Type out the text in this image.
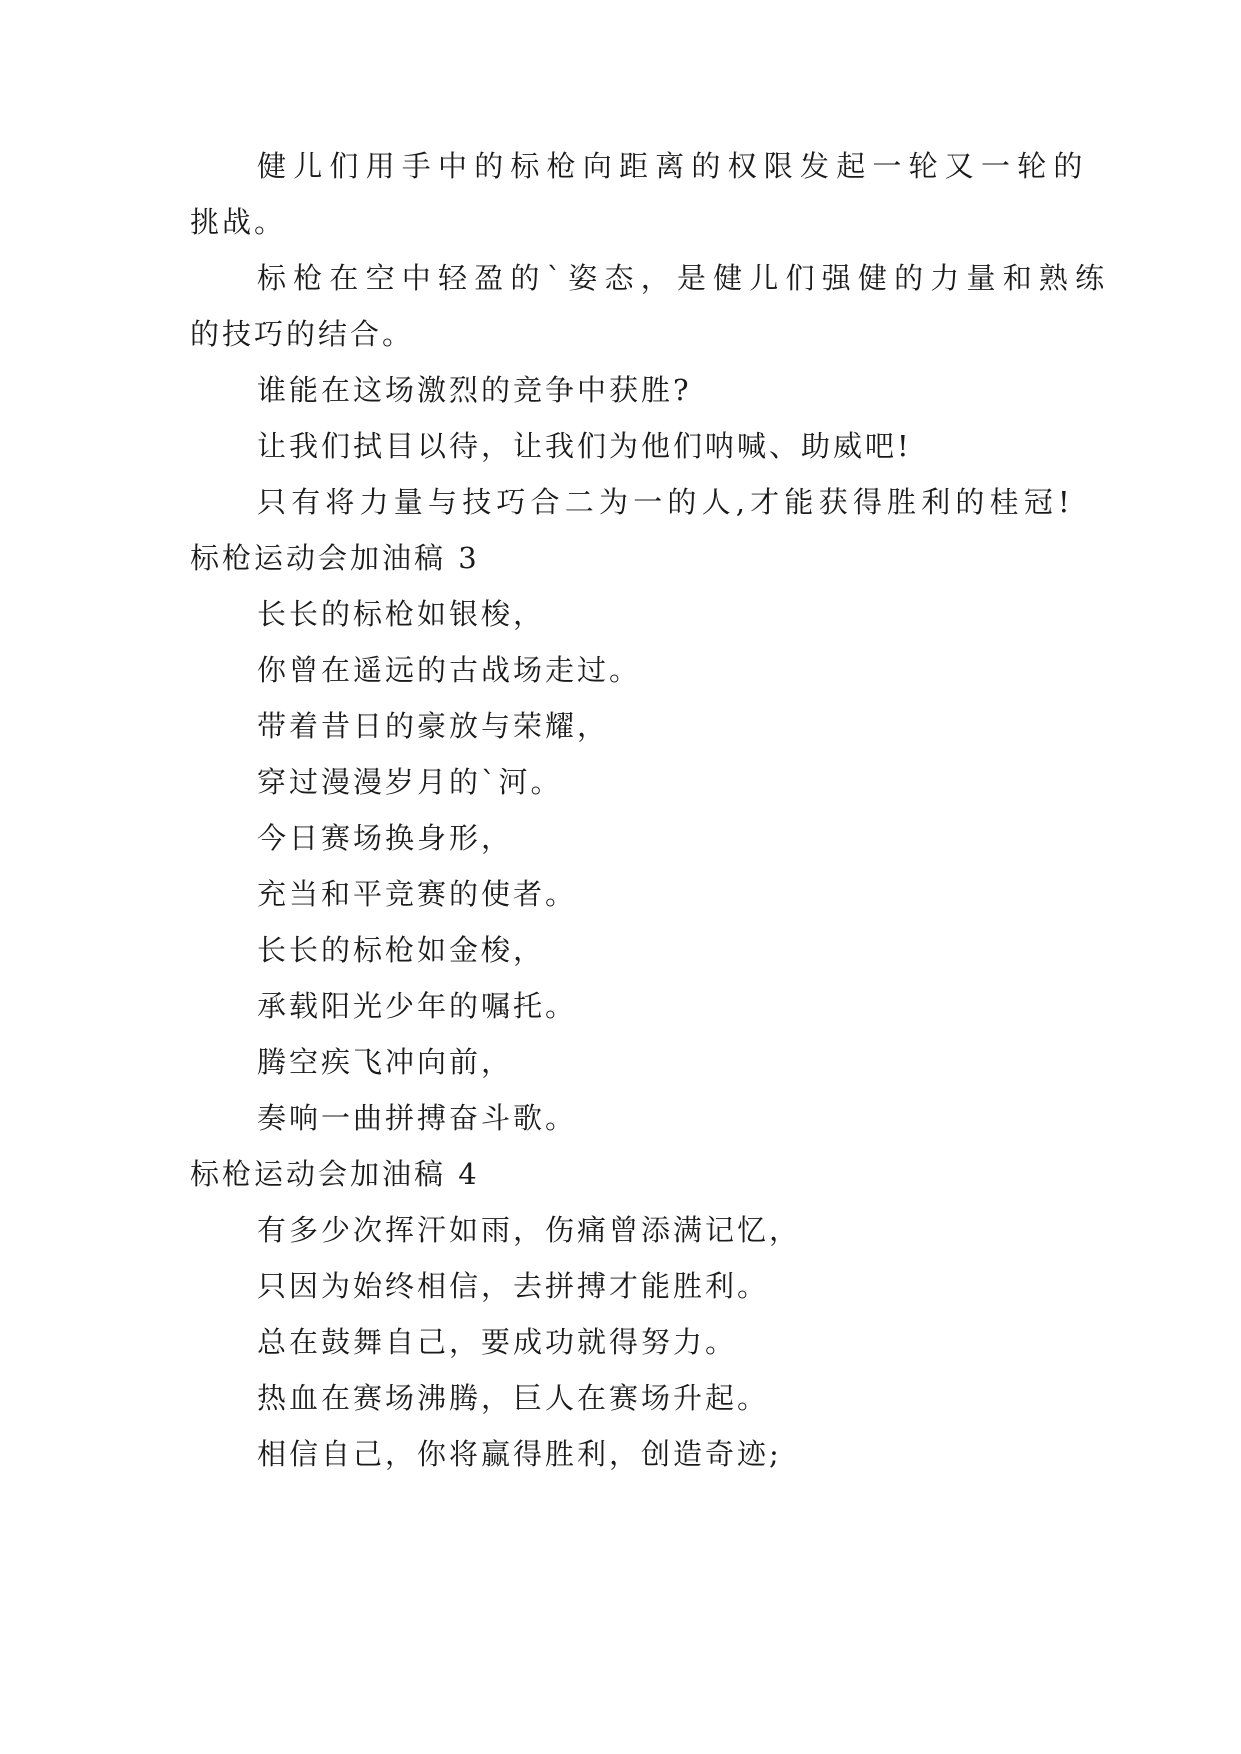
健儿们用手中的标枪向距离的权限发起一轮又一轮的
挑战。
标枪在空中轻盈的`姿态，是健儿们强健的力量和熟练
的技巧的结合。
谁能在这场激烈的竞争中获胜?
让我们拭目以待，让我们为他们呐喊、助威吧!
只有将力量与技巧合二为一的人,才能获得胜利的桂冠!
标枪运动会加油稿 3
长长的标枪如银梭，
你曾在遥远的古战场走过。
带着昔日的豪放与荣耀，
穿过漫漫岁月的`河。
今日赛场换身形，
充当和平竞赛的使者。
长长的标枪如金梭，
承载阳光少年的嘱托。
腾空疾飞冲向前，
奏响一曲拼搏奋斗歌。
标枪运动会加油稿 4
有多少次挥汗如雨，伤痛曾添满记忆，
只因为始终相信，去拼搏才能胜利。
总在鼓舞自己，要成功就得努力。
热血在赛场沸腾，巨人在赛场升起。
相信自己，你将赢得胜利，创造奇迹;
